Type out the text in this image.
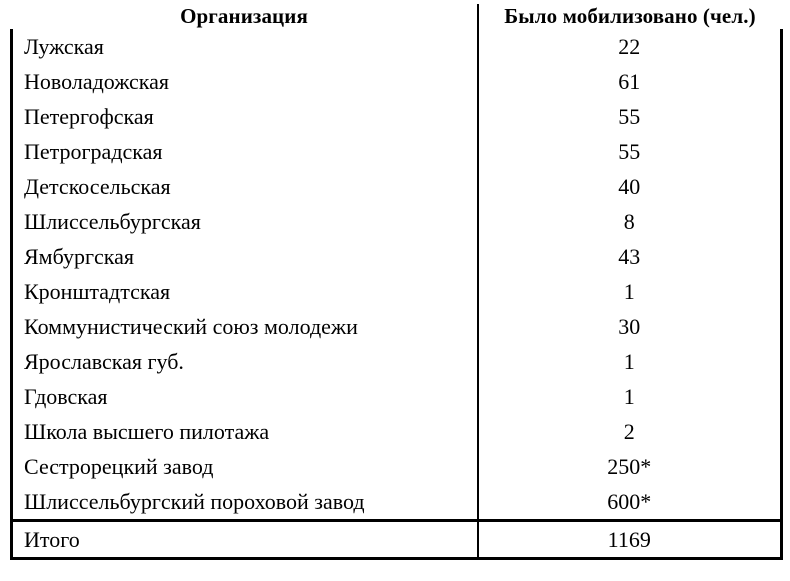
Организация	Было мобилизовано (чел.)
Лужская	22
Новоладожская	61
Петергофская	55
Петроградская	55
Детскосельская	40
Шлиссельбургская	8
Ямбургская	43
Кронштадтская	1
Коммунистический союз молодежи	30
Ярославская губ.	1
Гдовская	1
Школа высшего пилотажа	2
Сестрорецкий завод	250*
Шлиссельбургский пороховой завод	600*
Итого	1169
